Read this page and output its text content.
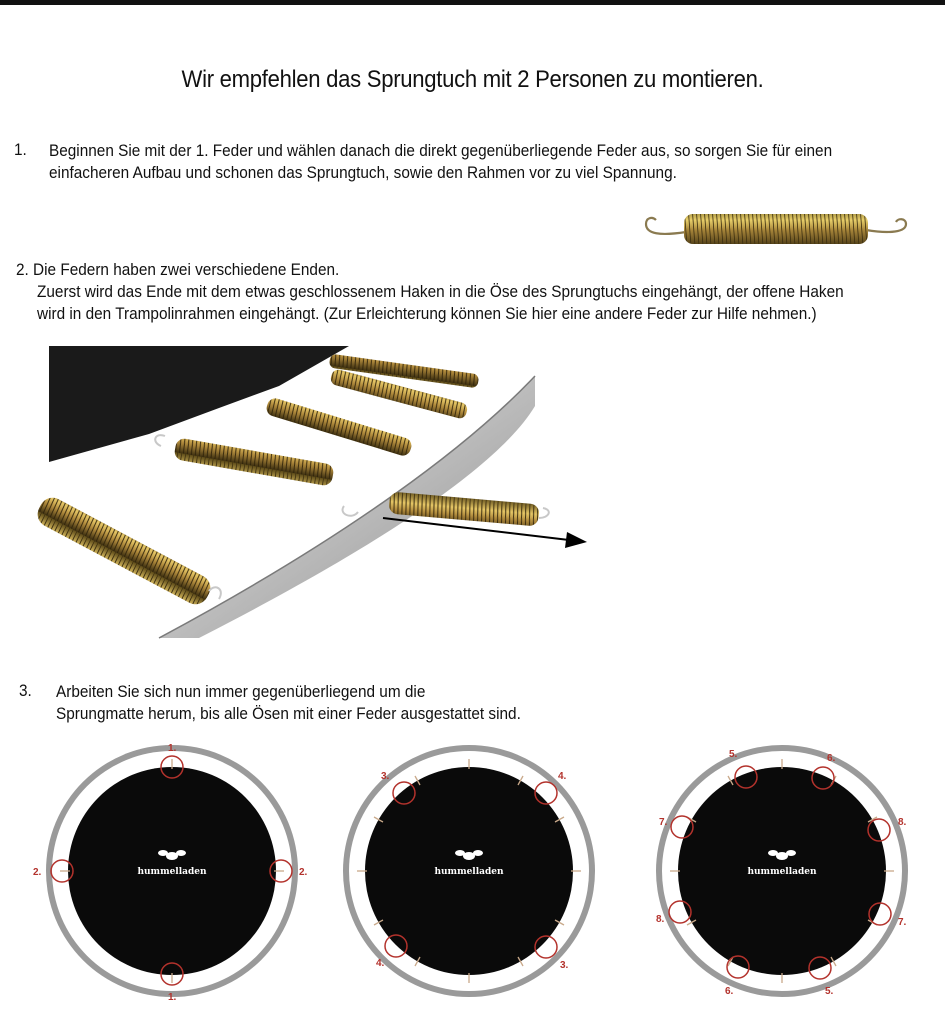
Wir empfehlen das Sprungtuch mit 2 Personen zu montieren.
1. Beginnen Sie mit der 1. Feder und wählen danach die direkt gegenüberliegende Feder aus, so sorgen Sie für einen
einfacheren Aufbau und schonen das Sprungtuch, sowie den Rahmen vor zu viel Spannung.
2. Die Federn haben zwei verschiedene Enden.
Zuerst wird das Ende mit dem etwas geschlossenem Haken in die Öse des Sprungtuchs eingehängt, der offene Haken
wird in den Trampolinrahmen eingehängt. (Zur Erleichterung können Sie hier eine andere Feder zur Hilfe nehmen.)
3. Arbeiten Sie sich nun immer gegenüberliegend um die
Sprungmatte herum, bis alle Ösen mit einer Feder ausgestattet sind.
1.
2.	2.
1.
hummelladen
3.	4.
4.	3.
hummelladen
5.	6.
7.	8.
8.	7.
6.	5.
hummelladen
